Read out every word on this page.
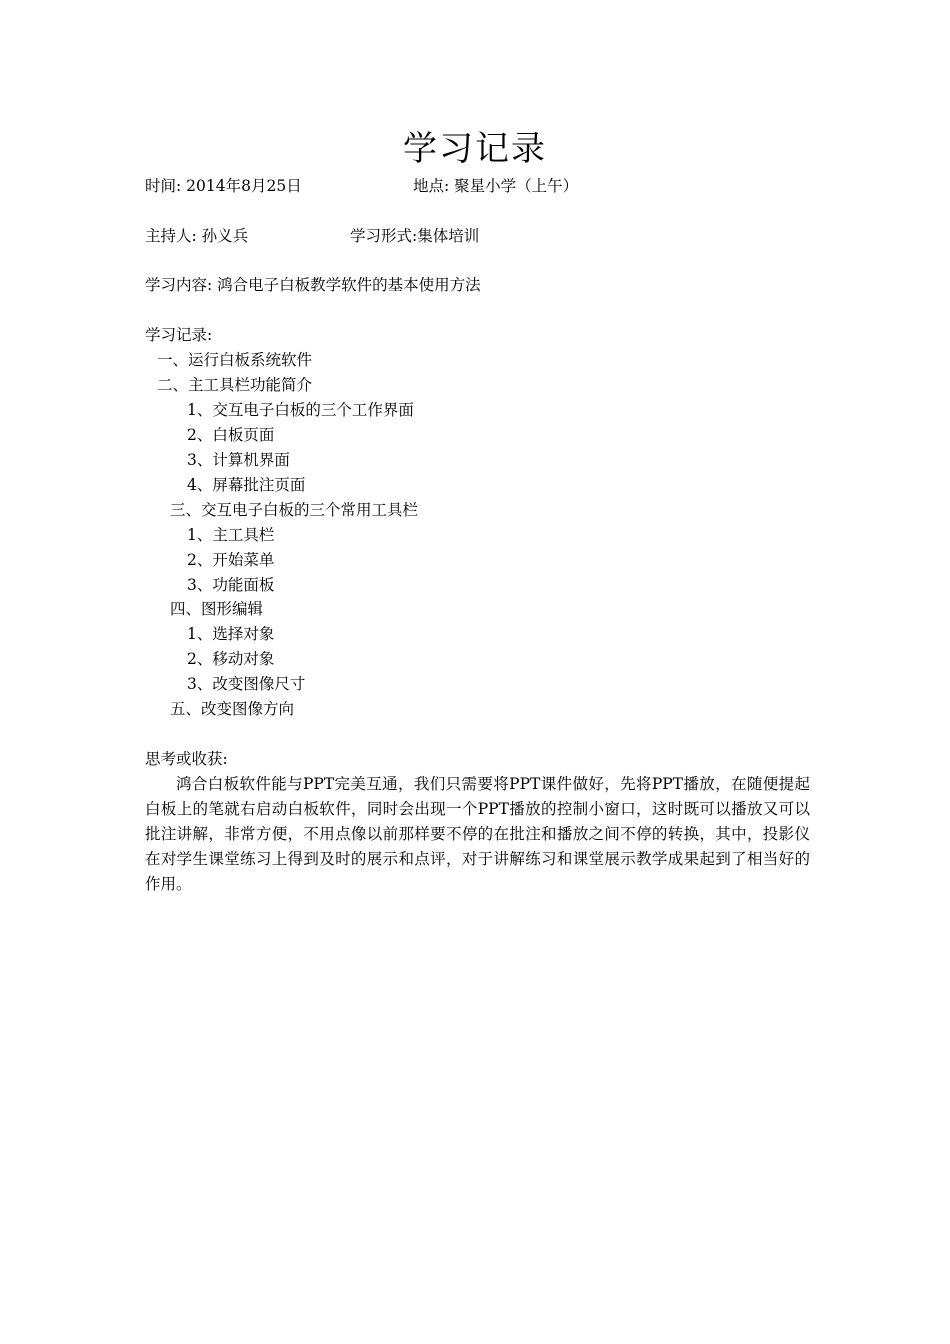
学习记录
时间: 2014年8月25日	地点: 聚星小学（上午）
主持人: 孙义兵	学习形式:集体培训
学习内容: 鸿合电子白板教学软件的基本使用方法
学习记录:
一、运行白板系统软件
二、主工具栏功能简介
1、交互电子白板的三个工作界面
2、白板页面
3、计算机界面
4、屏幕批注页面
三、交互电子白板的三个常用工具栏
1、主工具栏
2、开始菜单
3、功能面板
四、图形编辑
1、选择对象
2、移动对象
3、改变图像尺寸
五、改变图像方向
思考或收获:
鸿合白板软件能与PPT完美互通，我们只需要将PPT课件做好，先将PPT播放，在随便提起白板上的笔就右启动白板软件，同时会出现一个PPT播放的控制小窗口，这时既可以播放又可以批注讲解，非常方便，不用点像以前那样要不停的在批注和播放之间不停的转换，其中，投影仪在对学生课堂练习上得到及时的展示和点评，对于讲解练习和课堂展示教学成果起到了相当好的作用。
